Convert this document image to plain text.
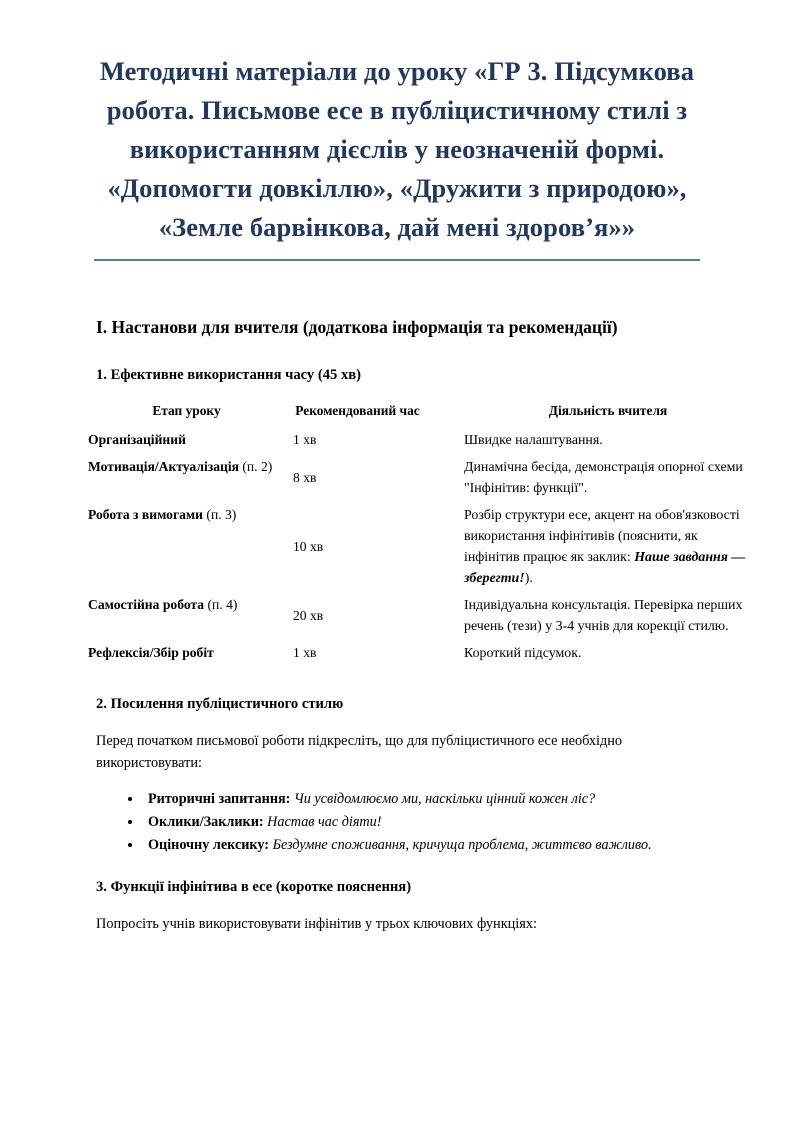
Методичні матеріали до уроку «ГР 3. Підсумкова робота. Письмове есе в публіцистичному стилі з використанням дієслів у неозначеній формі. «Допомогти довкіллю», «Дружити з природою», «Земле барвінкова, дай мені здоров’я»»
I. Настанови для вчителя (додаткова інформація та рекомендації)
1. Ефективне використання часу (45 хв)
Етап уроку	Рекомендований час	Діяльність вчителя
Організаційний	1 хв	Швидке налаштування.
Мотивація/Актуалізація (п. 2)	8 хв	Динамічна бесіда, демонстрація опорної схеми "Інфінітив: функції".
Робота з вимогами (п. 3)	10 хв	Розбір структури есе, акцент на обов'язковості використання інфінітивів (пояснити, як інфінітив працює як заклик: Наше завдання — зберегти!).
Самостійна робота (п. 4)	20 хв	Індивідуальна консультація. Перевірка перших речень (тези) у 3-4 учнів для корекції стилю.
Рефлексія/Збір робіт	1 хв	Короткий підсумок.
2. Посилення публіцистичного стилю

Перед початком письмової роботи підкресліть, що для публіцистичного есе необхідно використовувати:

Риторичні запитання: Чи усвідомлюємо ми, наскільки цінний кожен ліс?
Оклики/Заклики: Настав час діяти!
Оціночну лексику: Бездумне споживання, кричуща проблема, життєво важливо.
3. Функції інфінітива в есе (коротке пояснення)

Попросіть учнів використовувати інфінітив у трьох ключових функціях:
